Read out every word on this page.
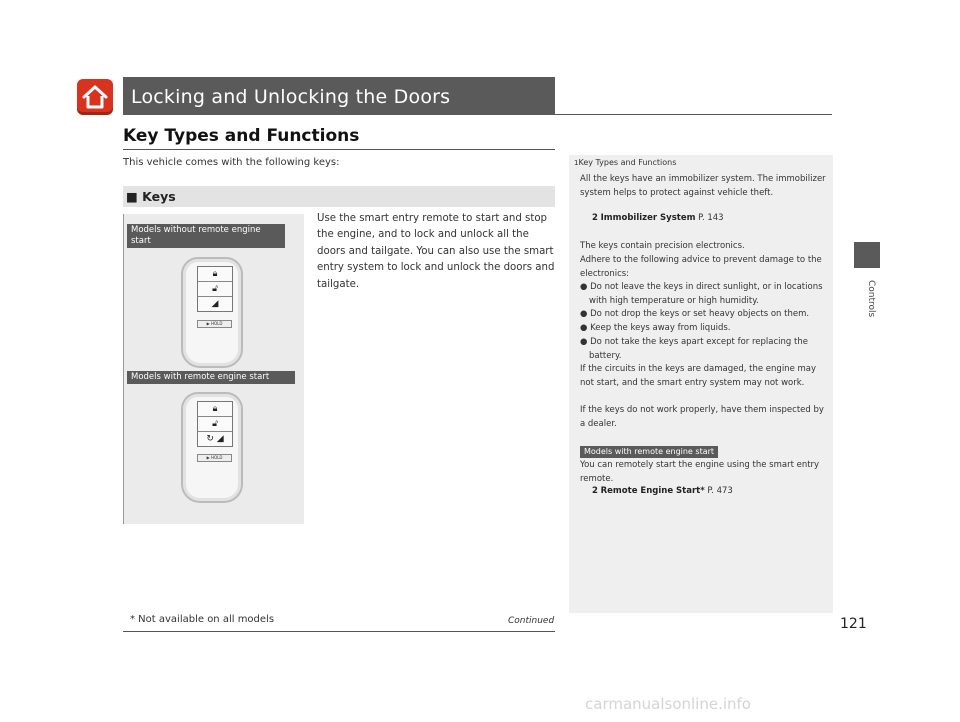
Locking and Unlocking the Doors
Key Types and Functions
This vehicle comes with the following keys:
■ Keys
Models without remote engine start
🔒︎
🔓︎
◢
▶ HOLD
Models with remote engine start
🔒︎
🔓︎
↻ ◢
▶ HOLD
Use the smart entry remote to start and stop the engine, and to lock and unlock all the doors and tailgate. You can also use the smart entry system to lock and unlock the doors and tailgate.
1Key Types and Functions
All the keys have an immobilizer system. The immobilizer system helps to protect against vehicle theft.
2 Immobilizer System P. 143
The keys contain precision electronics.
Adhere to the following advice to prevent damage to the electronics:
● Do not leave the keys in direct sunlight, or in locations with high temperature or high humidity.
● Do not drop the keys or set heavy objects on them.
● Keep the keys away from liquids.
● Do not take the keys apart except for replacing the battery.
If the circuits in the keys are damaged, the engine may not start, and the smart entry system may not work.
If the keys do not work properly, have them inspected by a dealer.
Models with remote engine start
You can remotely start the engine using the smart entry remote.
2 Remote Engine Start* P. 473
Controls
* Not available on all models	Continued	121
carmanualsonline.info
